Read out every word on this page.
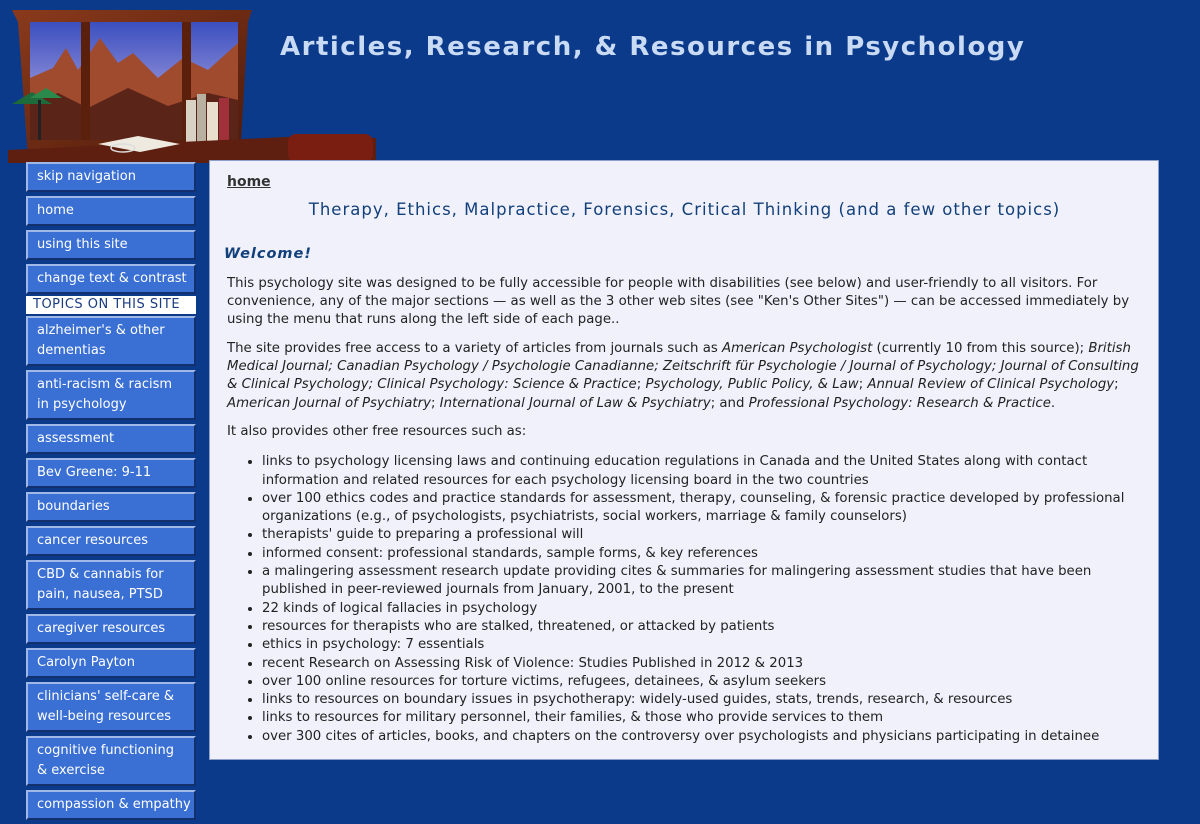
Articles, Research, & Resources in Psychology
skip navigation
home
using this site
change text & contrast
TOPICS ON THIS SITE
alzheimer's & other dementias
anti-racism & racism in psychology
assessment
Bev Greene: 9-11
boundaries
cancer resources
CBD & cannabis for pain, nausea, PTSD
caregiver resources
Carolyn Payton
clinicians' self-care & well-being resources
cognitive functioning & exercise
compassion & empathy
home
Therapy, Ethics, Malpractice, Forensics, Critical Thinking (and a few other topics)
Welcome!

This psychology site was designed to be fully accessible for people with disabilities (see below) and user-friendly to all visitors. For convenience, any of the major sections — as well as the 3 other web sites (see "Ken's Other Sites") — can be accessed immediately by using the menu that runs along the left side of each page..

The site provides free access to a variety of articles from journals such as American Psychologist (currently 10 from this source); British Medical Journal; Canadian Psychology / Psychologie Canadianne; Zeitschrift für Psychologie / Journal of Psychology; Journal of Consulting & Clinical Psychology; Clinical Psychology: Science & Practice; Psychology, Public Policy, & Law; Annual Review of Clinical Psychology; American Journal of Psychiatry; International Journal of Law & Psychiatry; and Professional Psychology: Research & Practice.

It also provides other free resources such as:

• links to psychology licensing laws and continuing education regulations in Canada and the United States along with contact information and related resources for each psychology licensing board in the two countries
• over 100 ethics codes and practice standards for assessment, therapy, counseling, & forensic practice developed by professional organizations (e.g., of psychologists, psychiatrists, social workers, marriage & family counselors)
• therapists' guide to preparing a professional will
• informed consent: professional standards, sample forms, & key references
• a malingering assessment research update providing cites & summaries for malingering assessment studies that have been published in peer-reviewed journals from January, 2001, to the present
• 22 kinds of logical fallacies in psychology
• resources for therapists who are stalked, threatened, or attacked by patients
• ethics in psychology: 7 essentials
• recent Research on Assessing Risk of Violence: Studies Published in 2012 & 2013
• over 100 online resources for torture victims, refugees, detainees, & asylum seekers
• links to resources on boundary issues in psychotherapy: widely-used guides, stats, trends, research, & resources
• links to resources for military personnel, their families, & those who provide services to them
• over 300 cites of articles, books, and chapters on the controversy over psychologists and physicians participating in detainee
